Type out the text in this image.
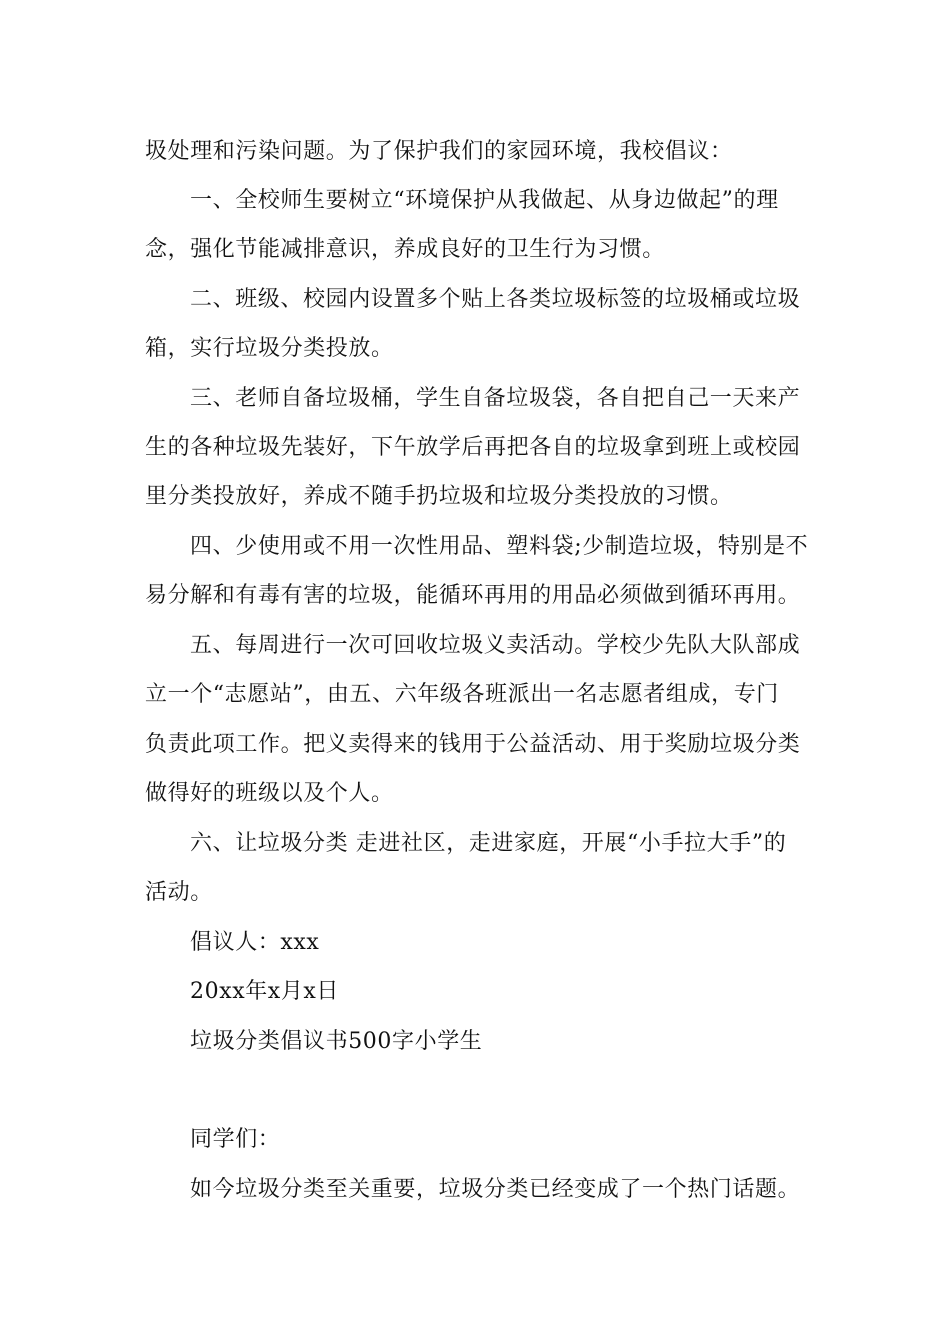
圾处理和污染问题。为了保护我们的家园环境，我校倡议：
一、全校师生要树立“环境保护从我做起、从身边做起”的理
念，强化节能减排意识，养成良好的卫生行为习惯。
二、班级、校园内设置多个贴上各类垃圾标签的垃圾桶或垃圾
箱，实行垃圾分类投放。
三、老师自备垃圾桶，学生自备垃圾袋，各自把自己一天来产
生的各种垃圾先装好，下午放学后再把各自的垃圾拿到班上或校园
里分类投放好，养成不随手扔垃圾和垃圾分类投放的习惯。
四、少使用或不用一次性用品、塑料袋;少制造垃圾，特别是不
易分解和有毒有害的垃圾，能循环再用的用品必须做到循环再用。
五、每周进行一次可回收垃圾义卖活动。学校少先队大队部成
立一个“志愿站”，由五、六年级各班派出一名志愿者组成，专门
负责此项工作。把义卖得来的钱用于公益活动、用于奖励垃圾分类
做得好的班级以及个人。
六、让垃圾分类 走进社区，走进家庭，开展“小手拉大手”的
活动。
倡议人：xxx
20xx年x月x日
垃圾分类倡议书500字小学生
同学们：
如今垃圾分类至关重要，垃圾分类已经变成了一个热门话题。
